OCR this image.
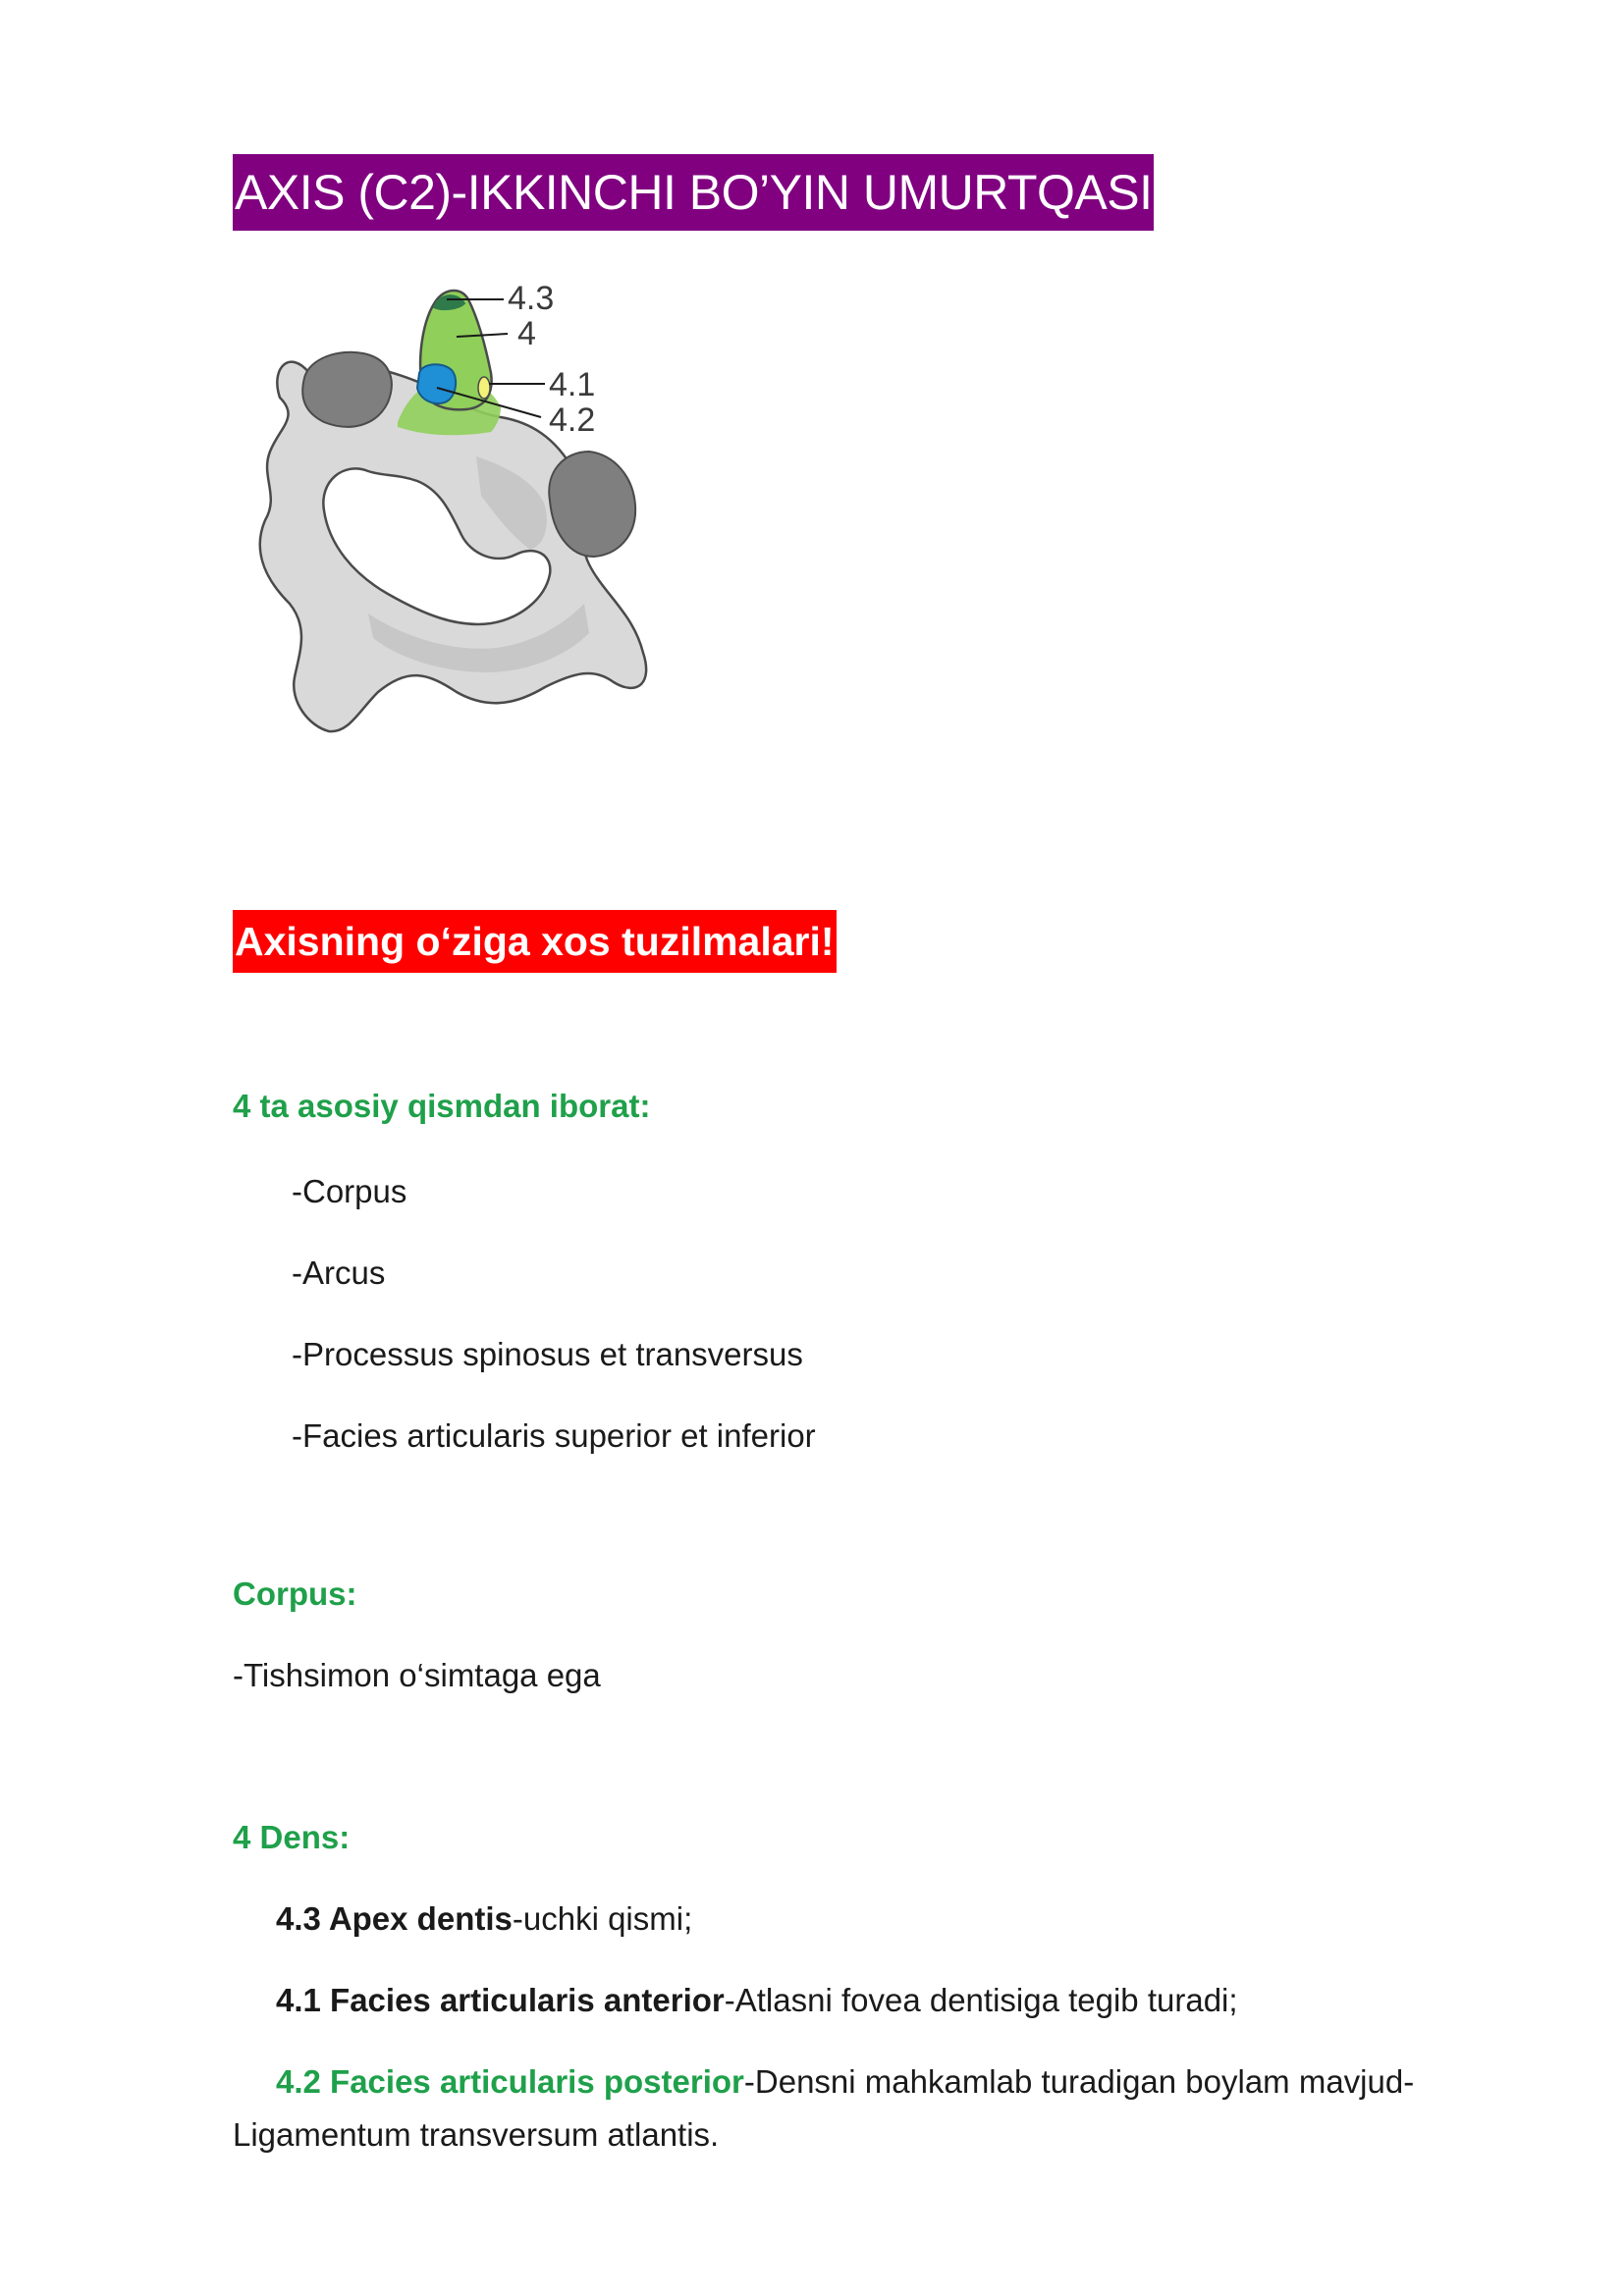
AXIS (C2)-IKKINCHI BO’YIN UMURTQASI
4.3
4
4.1
4.2
Axisning o‘ziga xos tuzilmalari!
4 ta asosiy qismdan iborat:
-Corpus
-Arcus
-Processus spinosus et transversus
-Facies articularis superior et inferior
Corpus:
-Tishsimon o‘simtaga ega
4 Dens:
4.3 Apex dentis-uchki qismi;
4.1 Facies articularis anterior-Atlasni fovea dentisiga tegib turadi;
4.2 Facies articularis posterior-Densni mahkamlab turadigan boylam mavjud-
Ligamentum transversum atlantis.
